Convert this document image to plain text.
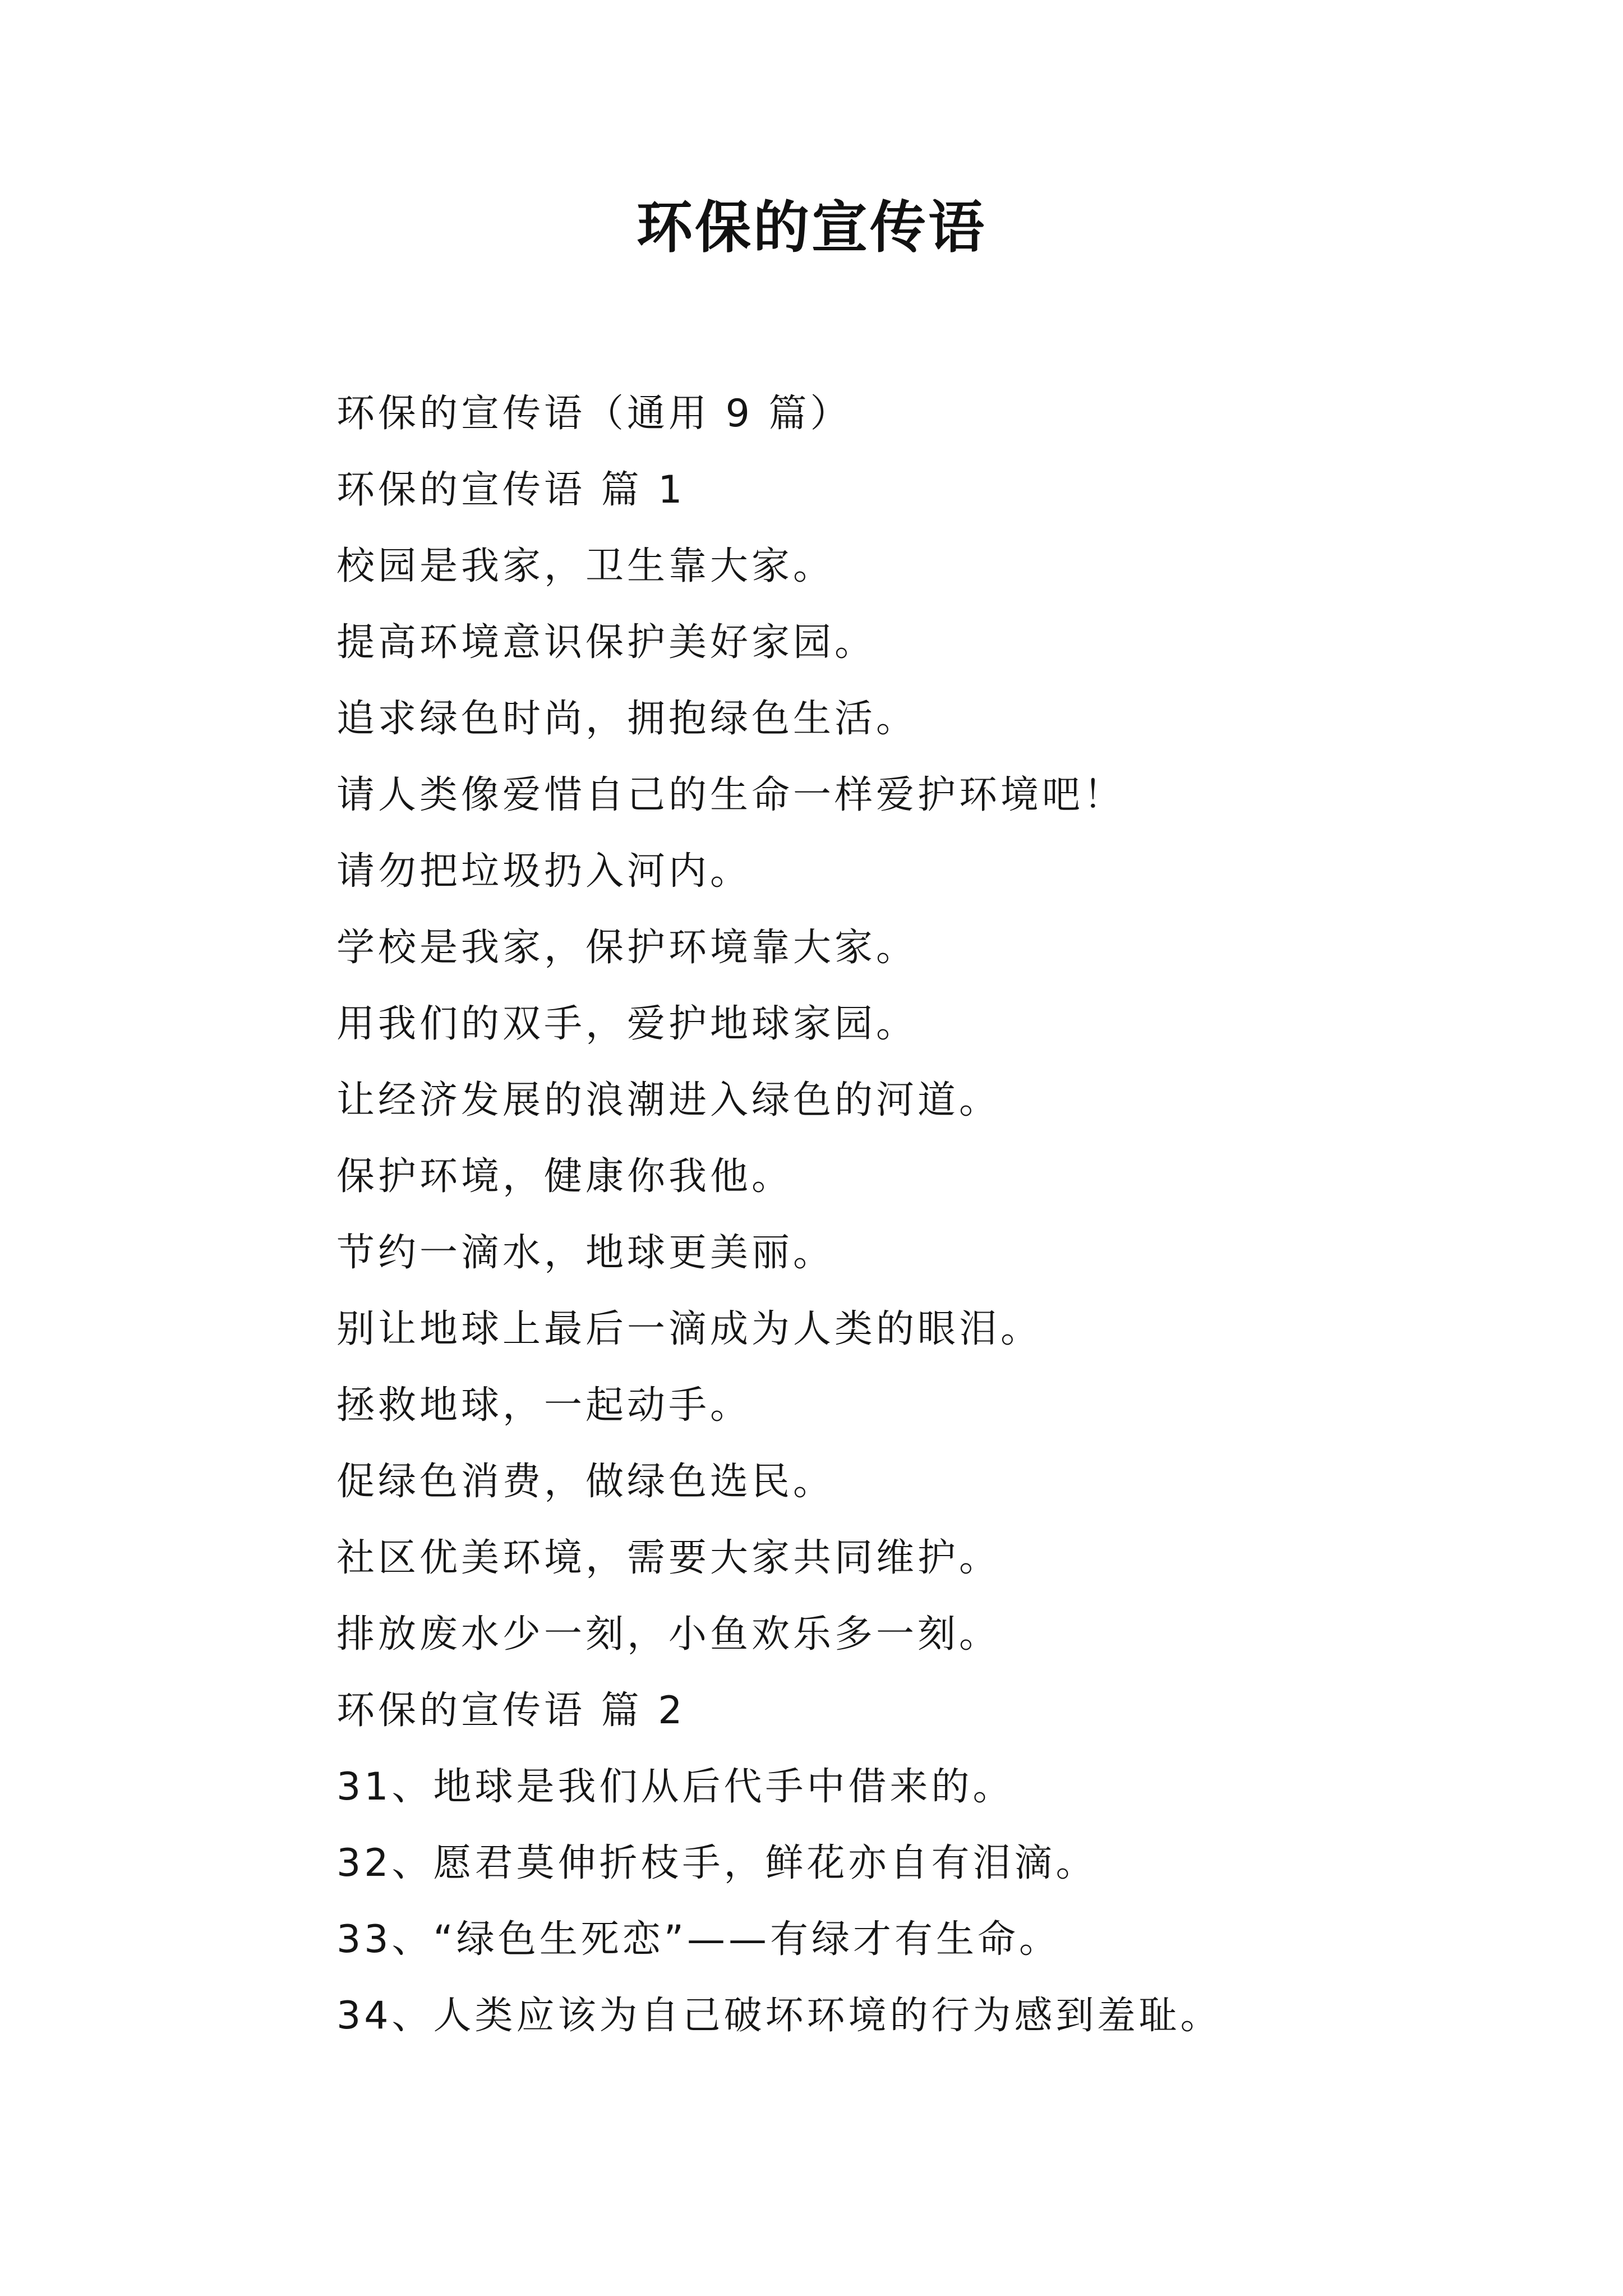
环保的宣传语
环保的宣传语（通用 9 篇）
环保的宣传语 篇 1
校园是我家，卫生靠大家。
提高环境意识保护美好家园。
追求绿色时尚，拥抱绿色生活。
请人类像爱惜自己的生命一样爱护环境吧！
请勿把垃圾扔入河内。
学校是我家，保护环境靠大家。
用我们的双手，爱护地球家园。
让经济发展的浪潮进入绿色的河道。
保护环境，健康你我他。
节约一滴水，地球更美丽。
别让地球上最后一滴成为人类的眼泪。
拯救地球，一起动手。
促绿色消费，做绿色选民。
社区优美环境，需要大家共同维护。
排放废水少一刻，小鱼欢乐多一刻。
环保的宣传语 篇 2
31、地球是我们从后代手中借来的。
32、愿君莫伸折枝手，鲜花亦自有泪滴。
33、“绿色生死恋”——有绿才有生命。
34、人类应该为自己破坏环境的行为感到羞耻。
